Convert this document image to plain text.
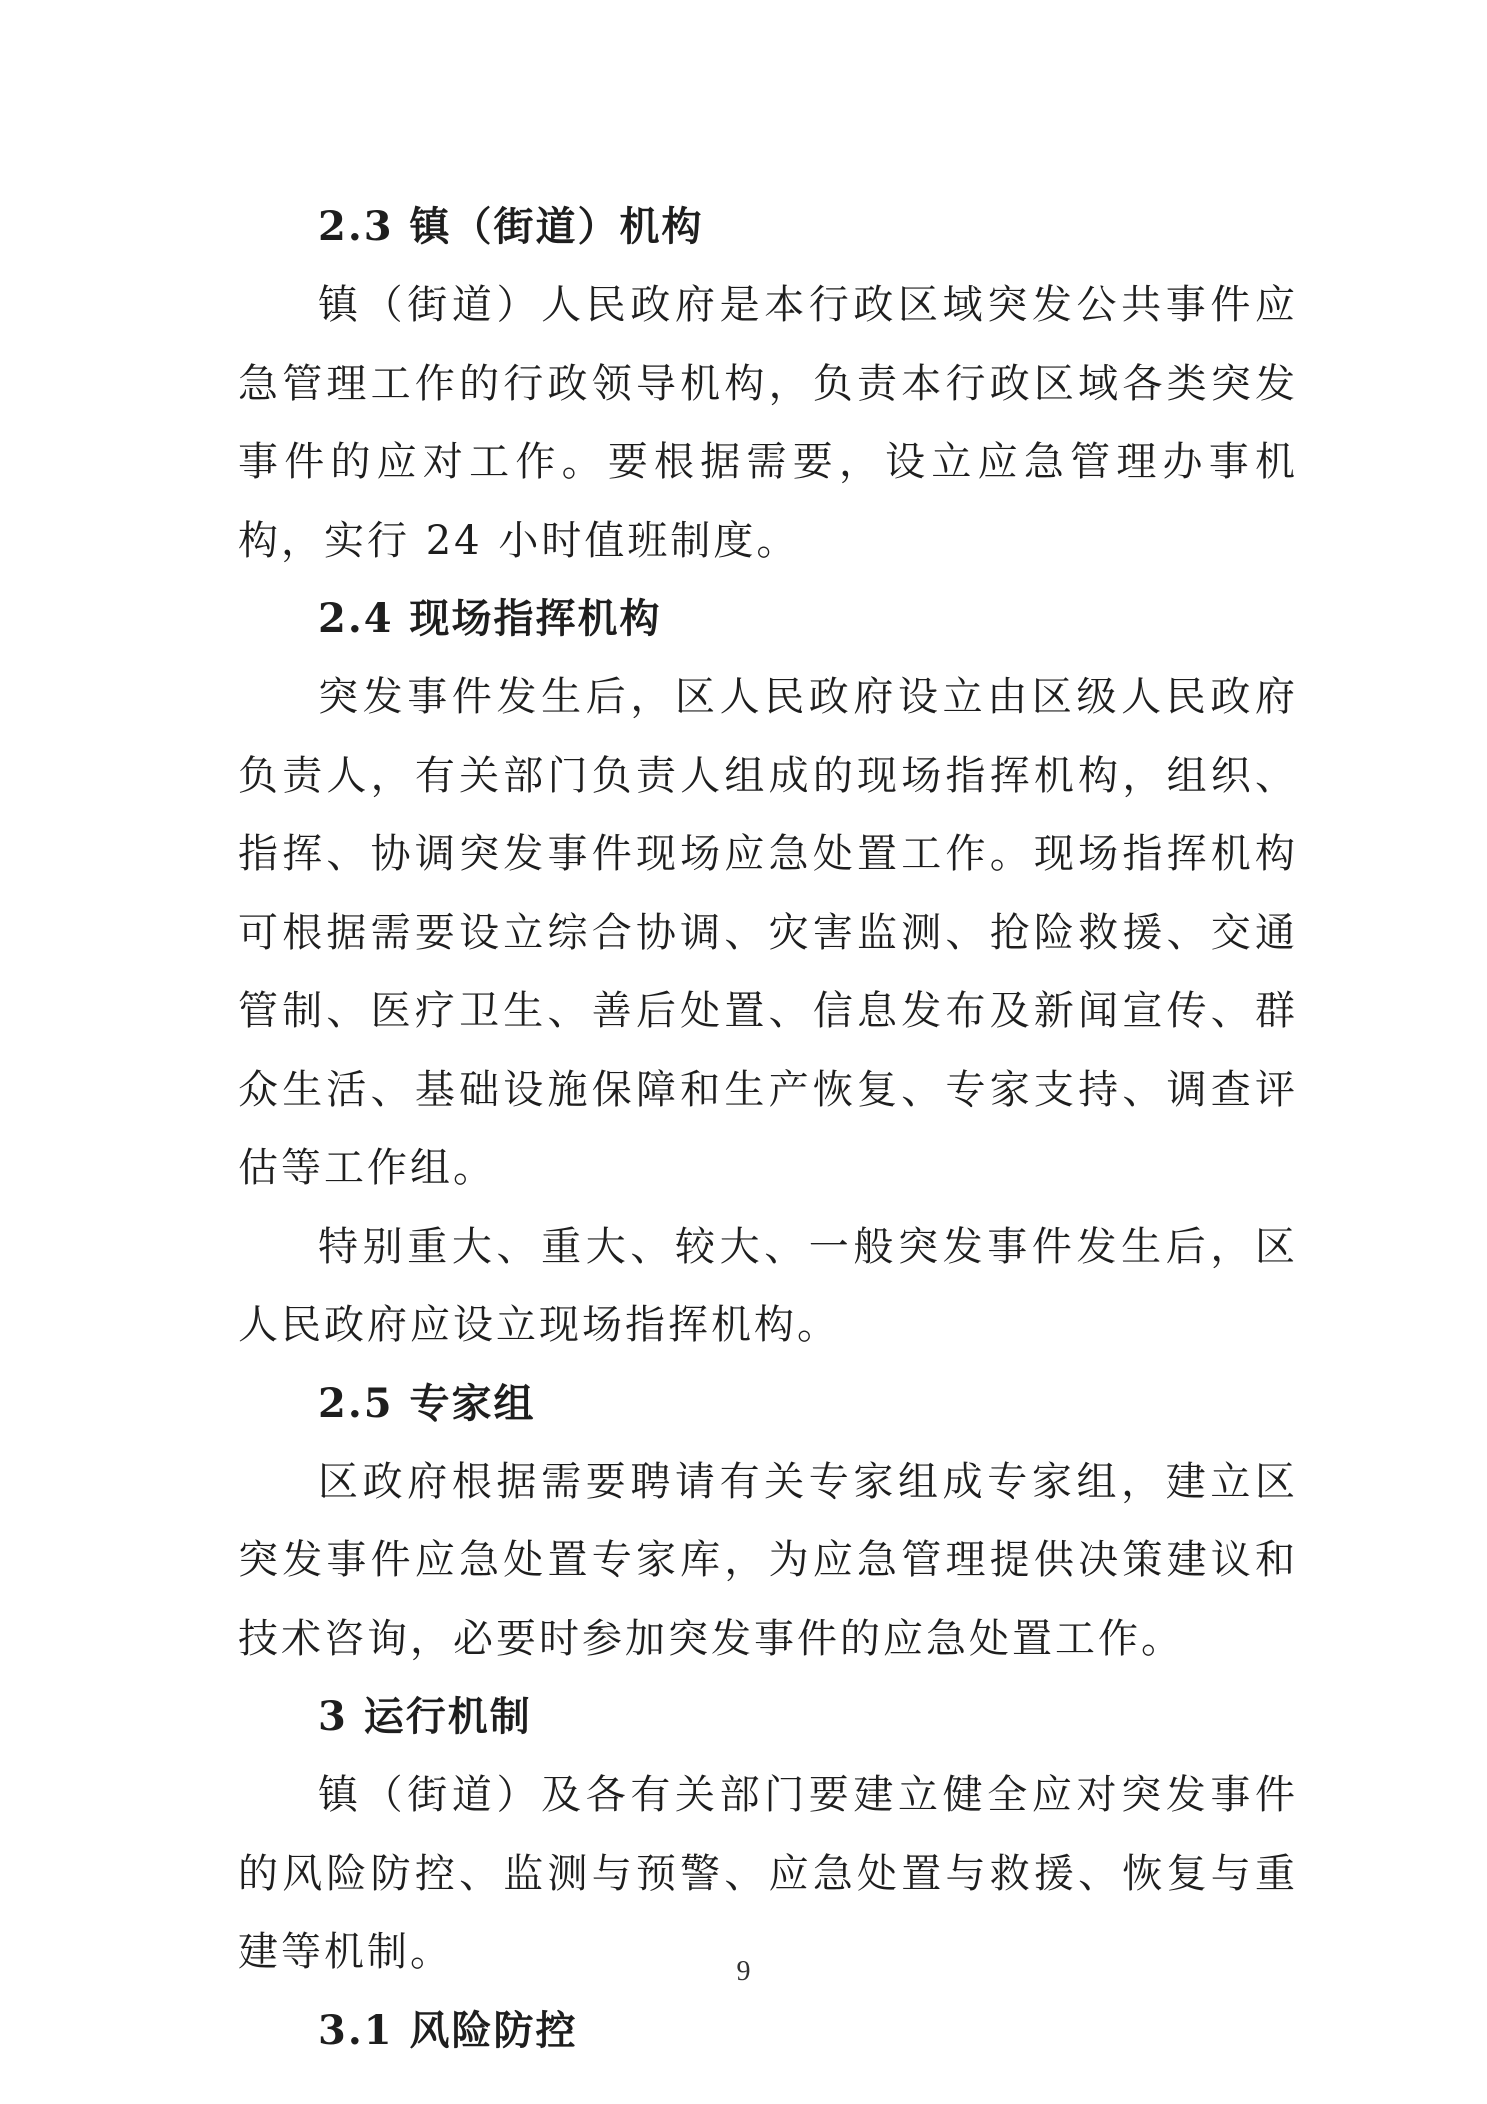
2.3 镇（街道）机构

镇（街道）人民政府是本行政区域突发公共事件应急管理工作的行政领导机构，负责本行政区域各类突发事件的应对工作。要根据需要，设立应急管理办事机构，实行 24 小时值班制度。

2.4 现场指挥机构

突发事件发生后，区人民政府设立由区级人民政府负责人，有关部门负责人组成的现场指挥机构，组织、指挥、协调突发事件现场应急处置工作。现场指挥机构可根据需要设立综合协调、灾害监测、抢险救援、交通管制、医疗卫生、善后处置、信息发布及新闻宣传、群众生活、基础设施保障和生产恢复、专家支持、调查评估等工作组。

特别重大、重大、较大、一般突发事件发生后，区人民政府应设立现场指挥机构。

2.5 专家组

区政府根据需要聘请有关专家组成专家组，建立区突发事件应急处置专家库，为应急管理提供决策建议和技术咨询，必要时参加突发事件的应急处置工作。

3 运行机制

镇（街道）及各有关部门要建立健全应对突发事件的风险防控、监测与预警、应急处置与救援、恢复与重建等机制。

3.1 风险防控
9
